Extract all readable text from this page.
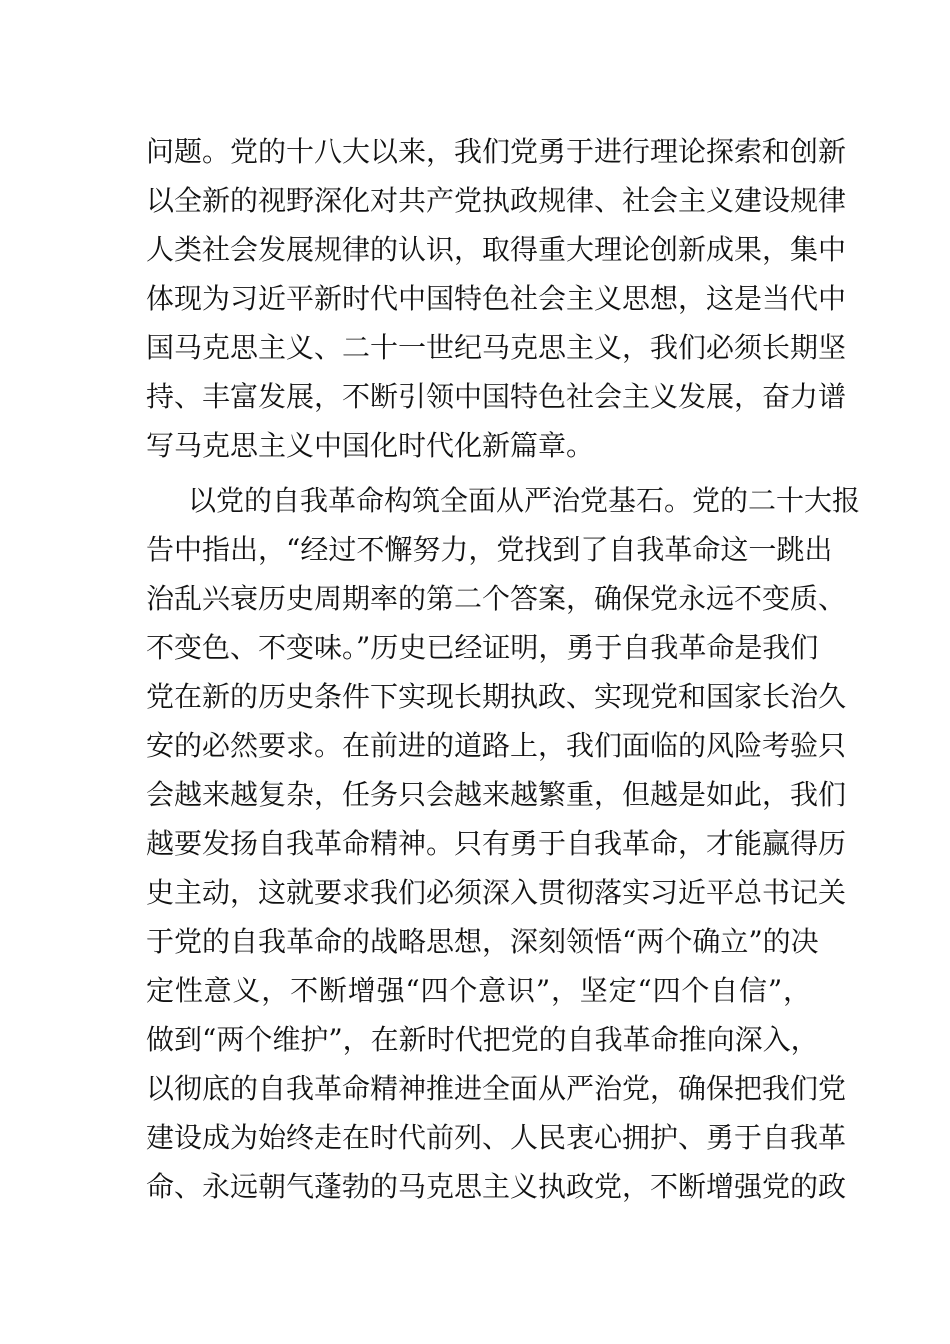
问题。党的十八大以来，我们党勇于进行理论探索和创新
以全新的视野深化对共产党执政规律、社会主义建设规律
人类社会发展规律的认识，取得重大理论创新成果，集中
体现为习近平新时代中国特色社会主义思想，这是当代中
国马克思主义、二十一世纪马克思主义，我们必须长期坚
持、丰富发展，不断引领中国特色社会主义发展，奋力谱
写马克思主义中国化时代化新篇章。
以党的自我革命构筑全面从严治党基石。党的二十大报
告中指出，“经过不懈努力，党找到了自我革命这一跳出
治乱兴衰历史周期率的第二个答案，确保党永远不变质、
不变色、不变味。”历史已经证明，勇于自我革命是我们
党在新的历史条件下实现长期执政、实现党和国家长治久
安的必然要求。在前进的道路上，我们面临的风险考验只
会越来越复杂，任务只会越来越繁重，但越是如此，我们
越要发扬自我革命精神。只有勇于自我革命，才能赢得历
史主动，这就要求我们必须深入贯彻落实习近平总书记关
于党的自我革命的战略思想，深刻领悟“两个确立”的决
定性意义，不断增强“四个意识”，坚定“四个自信”，
做到“两个维护”，在新时代把党的自我革命推向深入，
以彻底的自我革命精神推进全面从严治党，确保把我们党
建设成为始终走在时代前列、人民衷心拥护、勇于自我革
命、永远朝气蓬勃的马克思主义执政党，不断增强党的政
